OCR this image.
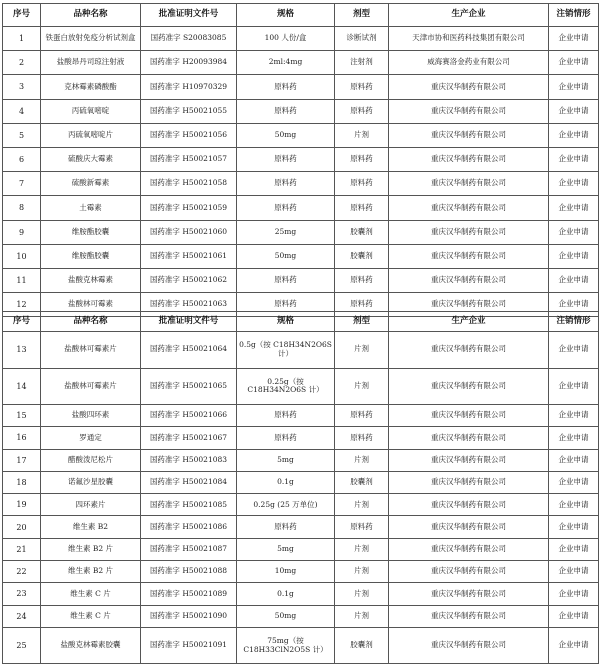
序号	品种名称	批准证明文件号	规格	剂型	生产企业	注销情形
1	铁蛋白放射免疫分析试剂盒	国药准字 S20083085	100 人份/盒	诊断试剂	天津市协和医药科技集团有限公司	企业申请
2	盐酸昂丹司琼注射液	国药准字 H20093984	2ml:4mg	注射剂	威海赛洛金药业有限公司	企业申请
3	克林霉素磷酸酯	国药准字 H10970329	原料药	原料药	重庆汉华制药有限公司	企业申请
4	丙硫氧嘧啶	国药准字 H50021055	原料药	原料药	重庆汉华制药有限公司	企业申请
5	丙硫氧嘧啶片	国药准字 H50021056	50mg	片剂	重庆汉华制药有限公司	企业申请
6	硫酸庆大霉素	国药准字 H50021057	原料药	原料药	重庆汉华制药有限公司	企业申请
7	硫酸新霉素	国药准字 H50021058	原料药	原料药	重庆汉华制药有限公司	企业申请
8	土霉素	国药准字 H50021059	原料药	原料药	重庆汉华制药有限公司	企业申请
9	维胺酯胶囊	国药准字 H50021060	25mg	胶囊剂	重庆汉华制药有限公司	企业申请
10	维胺酯胶囊	国药准字 H50021061	50mg	胶囊剂	重庆汉华制药有限公司	企业申请
11	盐酸克林霉素	国药准字 H50021062	原料药	原料药	重庆汉华制药有限公司	企业申请
12	盐酸林可霉素	国药准字 H50021063	原料药	原料药	重庆汉华制药有限公司	企业申请
序号	品种名称	批准证明文件号	规格	剂型	生产企业	注销情形
13	盐酸林可霉素片	国药准字 H50021064	0.5g（按 C18H34N2O6S 计）	片剂	重庆汉华制药有限公司	企业申请
14	盐酸林可霉素片	国药准字 H50021065	0.25g（按 C18H34N2O6S 计）	片剂	重庆汉华制药有限公司	企业申请
15	盐酸四环素	国药准字 H50021066	原料药	原料药	重庆汉华制药有限公司	企业申请
16	罗通定	国药准字 H50021067	原料药	原料药	重庆汉华制药有限公司	企业申请
17	醋酸泼尼松片	国药准字 H50021083	5mg	片剂	重庆汉华制药有限公司	企业申请
18	诺氟沙星胶囊	国药准字 H50021084	0.1g	胶囊剂	重庆汉华制药有限公司	企业申请
19	四环素片	国药准字 H50021085	0.25g (25 万单位)	片剂	重庆汉华制药有限公司	企业申请
20	维生素 B2	国药准字 H50021086	原料药	原料药	重庆汉华制药有限公司	企业申请
21	维生素 B2 片	国药准字 H50021087	5mg	片剂	重庆汉华制药有限公司	企业申请
22	维生素 B2 片	国药准字 H50021088	10mg	片剂	重庆汉华制药有限公司	企业申请
23	维生素 C 片	国药准字 H50021089	0.1g	片剂	重庆汉华制药有限公司	企业申请
24	维生素 C 片	国药准字 H50021090	50mg	片剂	重庆汉华制药有限公司	企业申请
25	盐酸克林霉素胶囊	国药准字 H50021091	75mg（按 C18H33ClN2O5S 计）	胶囊剂	重庆汉华制药有限公司	企业申请
